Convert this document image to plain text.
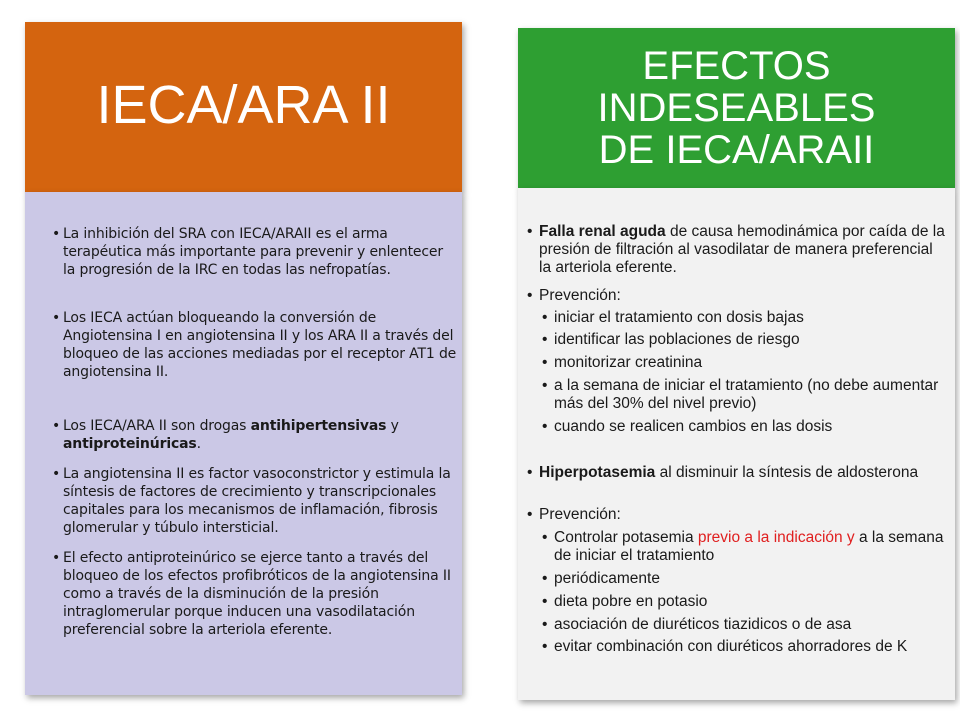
IECA/ARA II
• La inhibición del SRA con IECA/ARAII es el arma terapéutica más importante para prevenir y enlentecer la progresión de la IRC en todas las nefropatías.
• Los IECA actúan bloqueando la conversión de Angiotensina I en angiotensina II y los ARA II a través del bloqueo de las acciones mediadas por el receptor AT1 de angiotensina II.
• Los IECA/ARA II son drogas antihipertensivas y antiproteinúricas.
• La angiotensina II es factor vasoconstrictor y estimula la síntesis de factores de crecimiento y transcripcionales capitales para los mecanismos de inflamación, fibrosis glomerular y túbulo intersticial.
• El efecto antiproteinúrico se ejerce tanto a través del bloqueo de los efectos profibróticos de la angiotensina II como a través de la disminución de la presión intraglomerular porque inducen una vasodilatación preferencial sobre la arteriola eferente.
EFECTOS
INDESEABLES
DE IECA/ARAII
• Falla renal aguda de causa hemodinámica por caída de la presión de filtración al vasodilatar de manera preferencial la arteriola eferente.
• Prevención:
• iniciar el tratamiento con dosis bajas
• identificar las poblaciones de riesgo
• monitorizar creatinina
• a la semana de iniciar el tratamiento (no debe aumentar más del 30% del nivel previo)
• cuando se realicen cambios en las dosis
• Hiperpotasemia al disminuir la síntesis de aldosterona
• Prevención:
• Controlar potasemia previo a la indicación y a la semana de iniciar el tratamiento
• periódicamente
• dieta pobre en potasio
• asociación de diuréticos tiazidicos o de asa
• evitar combinación con diuréticos ahorradores de K
